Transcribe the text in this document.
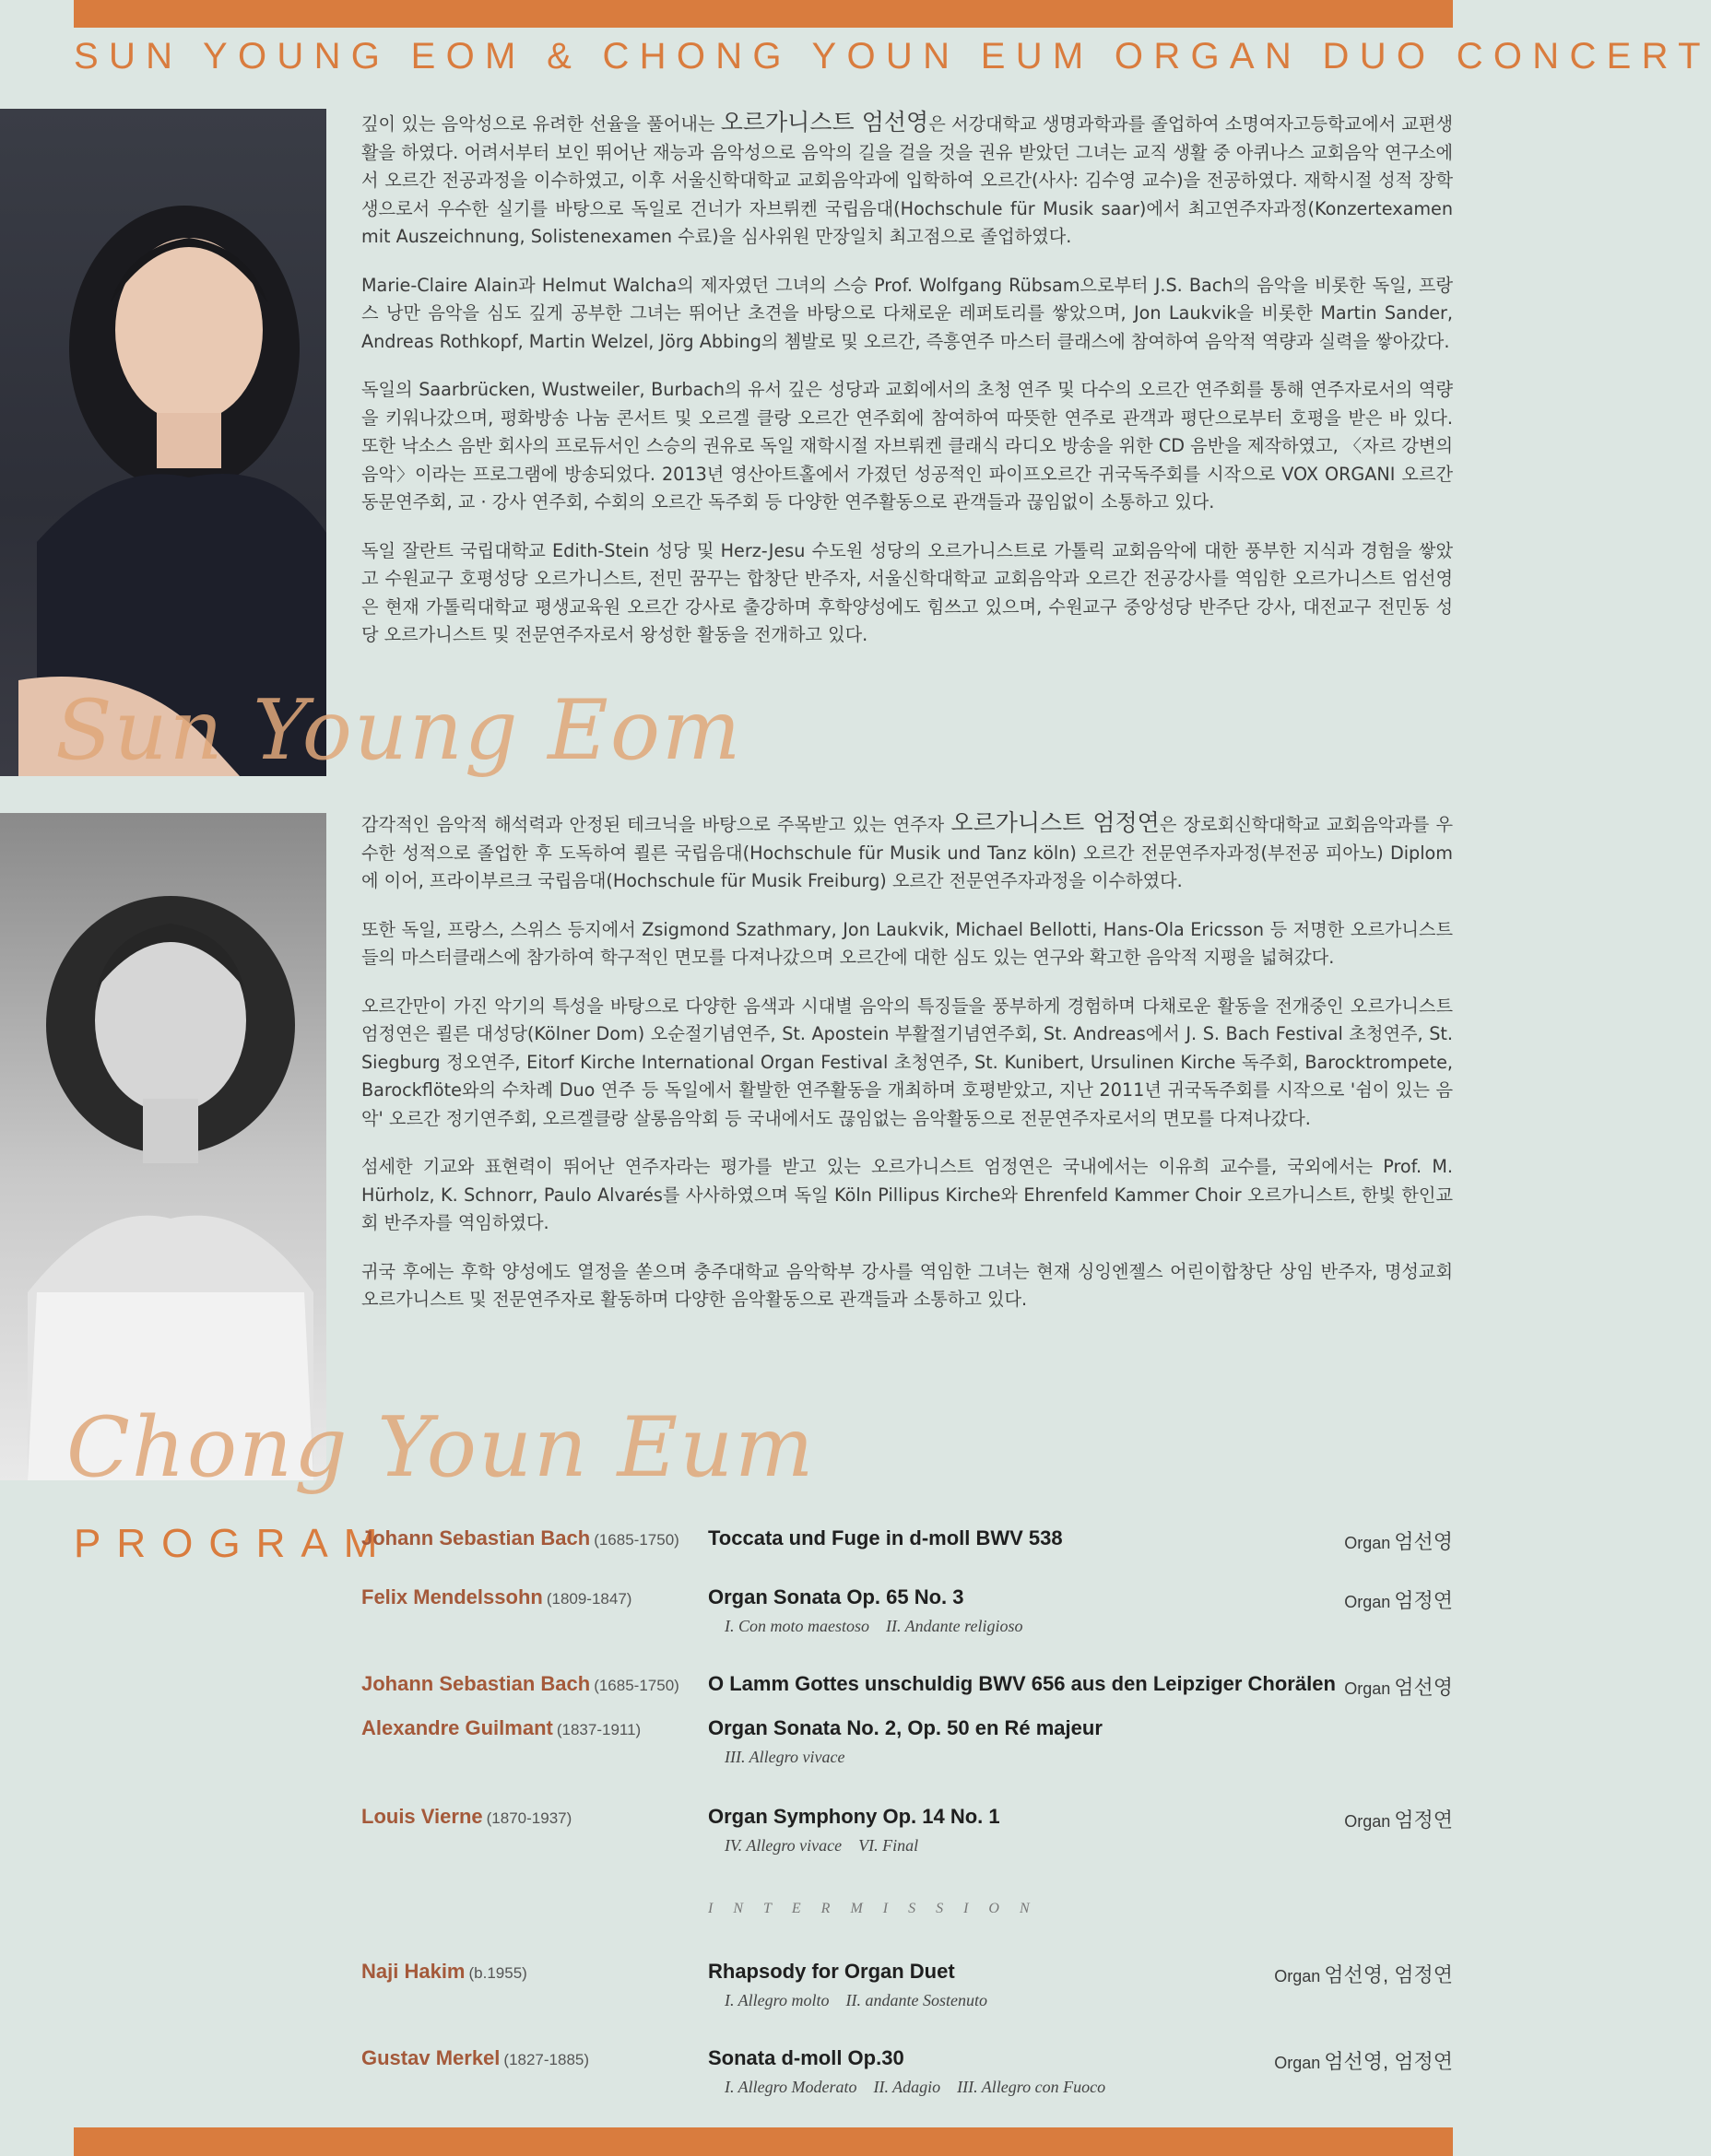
SUN YOUNG EOM & CHONG YOUN EUM ORGAN DUO CONCERT
Sun Young Eom

깊이 있는 음악성으로 유려한 선율을 풀어내는 오르가니스트 엄선영은 서강대학교 생명과학과를 졸업하여 소명여자고등학교에서 교편생활을 하였다. 어려서부터 보인 뛰어난 재능과 음악성으로 음악의 길을 걸을 것을 권유 받았던 그녀는 교직 생활 중 아퀴나스 교회음악 연구소에서 오르간 전공과정을 이수하였고, 이후 서울신학대학교 교회음악과에 입학하여 오르간(사사: 김수영 교수)을 전공하였다. 재학시절 성적 장학생으로서 우수한 실기를 바탕으로 독일로 건너가 자브뤼켄 국립음대(Hochschule für Musik saar)에서 최고연주자과정(Konzertexamen mit Auszeichnung, Solistenexamen 수료)을 심사위원 만장일치 최고점으로 졸업하였다.

Marie-Claire Alain과 Helmut Walcha의 제자였던 그녀의 스승 Prof. Wolfgang Rübsam으로부터 J.S. Bach의 음악을 비롯한 독일, 프랑스 낭만 음악을 심도 깊게 공부한 그녀는 뛰어난 초견을 바탕으로 다채로운 레퍼토리를 쌓았으며, Jon Laukvik을 비롯한 Martin Sander, Andreas Rothkopf, Martin Welzel, Jörg Abbing의 쳄발로 및 오르간, 즉흥연주 마스터 클래스에 참여하여 음악적 역량과 실력을 쌓아갔다.

독일의 Saarbrücken, Wustweiler, Burbach의 유서 깊은 성당과 교회에서의 초청 연주 및 다수의 오르간 연주회를 통해 연주자로서의 역량을 키워나갔으며, 평화방송 나눔 콘서트 및 오르겔 클랑 오르간 연주회에 참여하여 따뜻한 연주로 관객과 평단으로부터 호평을 받은 바 있다. 또한 낙소스 음반 회사의 프로듀서인 스승의 권유로 독일 재학시절 자브뤼켄 클래식 라디오 방송을 위한 CD 음반을 제작하였고, 〈자르 강변의 음악〉이라는 프로그램에 방송되었다. 2013년 영산아트홀에서 가졌던 성공적인 파이프오르간 귀국독주회를 시작으로 VOX ORGANI 오르간 동문연주회, 교 · 강사 연주회, 수회의 오르간 독주회 등 다양한 연주활동으로 관객들과 끊임없이 소통하고 있다.

독일 잘란트 국립대학교 Edith-Stein 성당 및 Herz-Jesu 수도원 성당의 오르가니스트로 가톨릭 교회음악에 대한 풍부한 지식과 경험을 쌓았고 수원교구 호평성당 오르가니스트, 전민 꿈꾸는 합창단 반주자, 서울신학대학교 교회음악과 오르간 전공강사를 역임한 오르가니스트 엄선영은 현재 가톨릭대학교 평생교육원 오르간 강사로 출강하며 후학양성에도 힘쓰고 있으며, 수원교구 중앙성당 반주단 강사, 대전교구 전민동 성당 오르가니스트 및 전문연주자로서 왕성한 활동을 전개하고 있다.

Chong Youn Eum

감각적인 음악적 해석력과 안정된 테크닉을 바탕으로 주목받고 있는 연주자 오르가니스트 엄정연은 장로회신학대학교 교회음악과를 우수한 성적으로 졸업한 후 도독하여 쾰른 국립음대(Hochschule für Musik und Tanz köln) 오르간 전문연주자과정(부전공 피아노) Diplom에 이어, 프라이부르크 국립음대(Hochschule für Musik Freiburg) 오르간 전문연주자과정을 이수하였다.

또한 독일, 프랑스, 스위스 등지에서 Zsigmond Szathmary, Jon Laukvik, Michael Bellotti, Hans-Ola Ericsson 등 저명한 오르가니스트들의 마스터클래스에 참가하여 학구적인 면모를 다져나갔으며 오르간에 대한 심도 있는 연구와 확고한 음악적 지평을 넓혀갔다.

오르간만이 가진 악기의 특성을 바탕으로 다양한 음색과 시대별 음악의 특징들을 풍부하게 경험하며 다채로운 활동을 전개중인 오르가니스트 엄정연은 쾰른 대성당(Kölner Dom) 오순절기념연주, St. Apostein 부활절기념연주회, St. Andreas에서 J. S. Bach Festival 초청연주, St. Siegburg 정오연주, Eitorf Kirche International Organ Festival 초청연주, St. Kunibert, Ursulinen Kirche 독주회, Barocktrompete, Barockflöte와의 수차례 Duo 연주 등 독일에서 활발한 연주활동을 개최하며 호평받았고, 지난 2011년 귀국독주회를 시작으로 '쉼이 있는 음악' 오르간 정기연주회, 오르겔클랑 살롱음악회 등 국내에서도 끊임없는 음악활동으로 전문연주자로서의 면모를 다져나갔다.

섬세한 기교와 표현력이 뛰어난 연주자라는 평가를 받고 있는 오르가니스트 엄정연은 국내에서는 이유희 교수를, 국외에서는 Prof. M. Hürholz, K. Schnorr, Paulo Alvarés를 사사하였으며 독일 Köln Pillipus Kirche와 Ehrenfeld Kammer Choir 오르가니스트, 한빛 한인교회 반주자를 역임하였다.

귀국 후에는 후학 양성에도 열정을 쏟으며 충주대학교 음악학부 강사를 역임한 그녀는 현재 싱잉엔젤스 어린이합창단 상임 반주자, 명성교회 오르가니스트 및 전문연주자로 활동하며 다양한 음악활동으로 관객들과 소통하고 있다.

PROGRAM
Johann Sebastian Bach (1685-1750) Toccata und Fuge in d-moll BWV 538	Organ 엄선영
Felix Mendelssohn (1809-1847)	Organ Sonata Op. 65 No. 3
I. Con moto maestoso    II. Andante religioso
Organ 엄정연
Johann Sebastian Bach (1685-1750) O Lamm Gottes unschuldig BWV 656 aus den Leipziger Chorälen Organ 엄선영
Alexandre Guilmant (1837-1911)	Organ Sonata No. 2, Op. 50 en Ré majeur
III. Allegro vivace
Louis Vierne (1870-1937)	Organ Symphony Op. 14 No. 1
IV. Allegro vivace    VI. Final
Organ 엄정연
INTERMISSION
Naji Hakim (b.1955)	Rhapsody for Organ Duet
I. Allegro molto    II. andante Sostenuto
Organ 엄선영, 엄정연
Gustav Merkel (1827-1885)	Sonata d-moll Op.30
I. Allegro Moderato    II. Adagio    III. Allegro con Fuoco
Organ 엄선영, 엄정연
